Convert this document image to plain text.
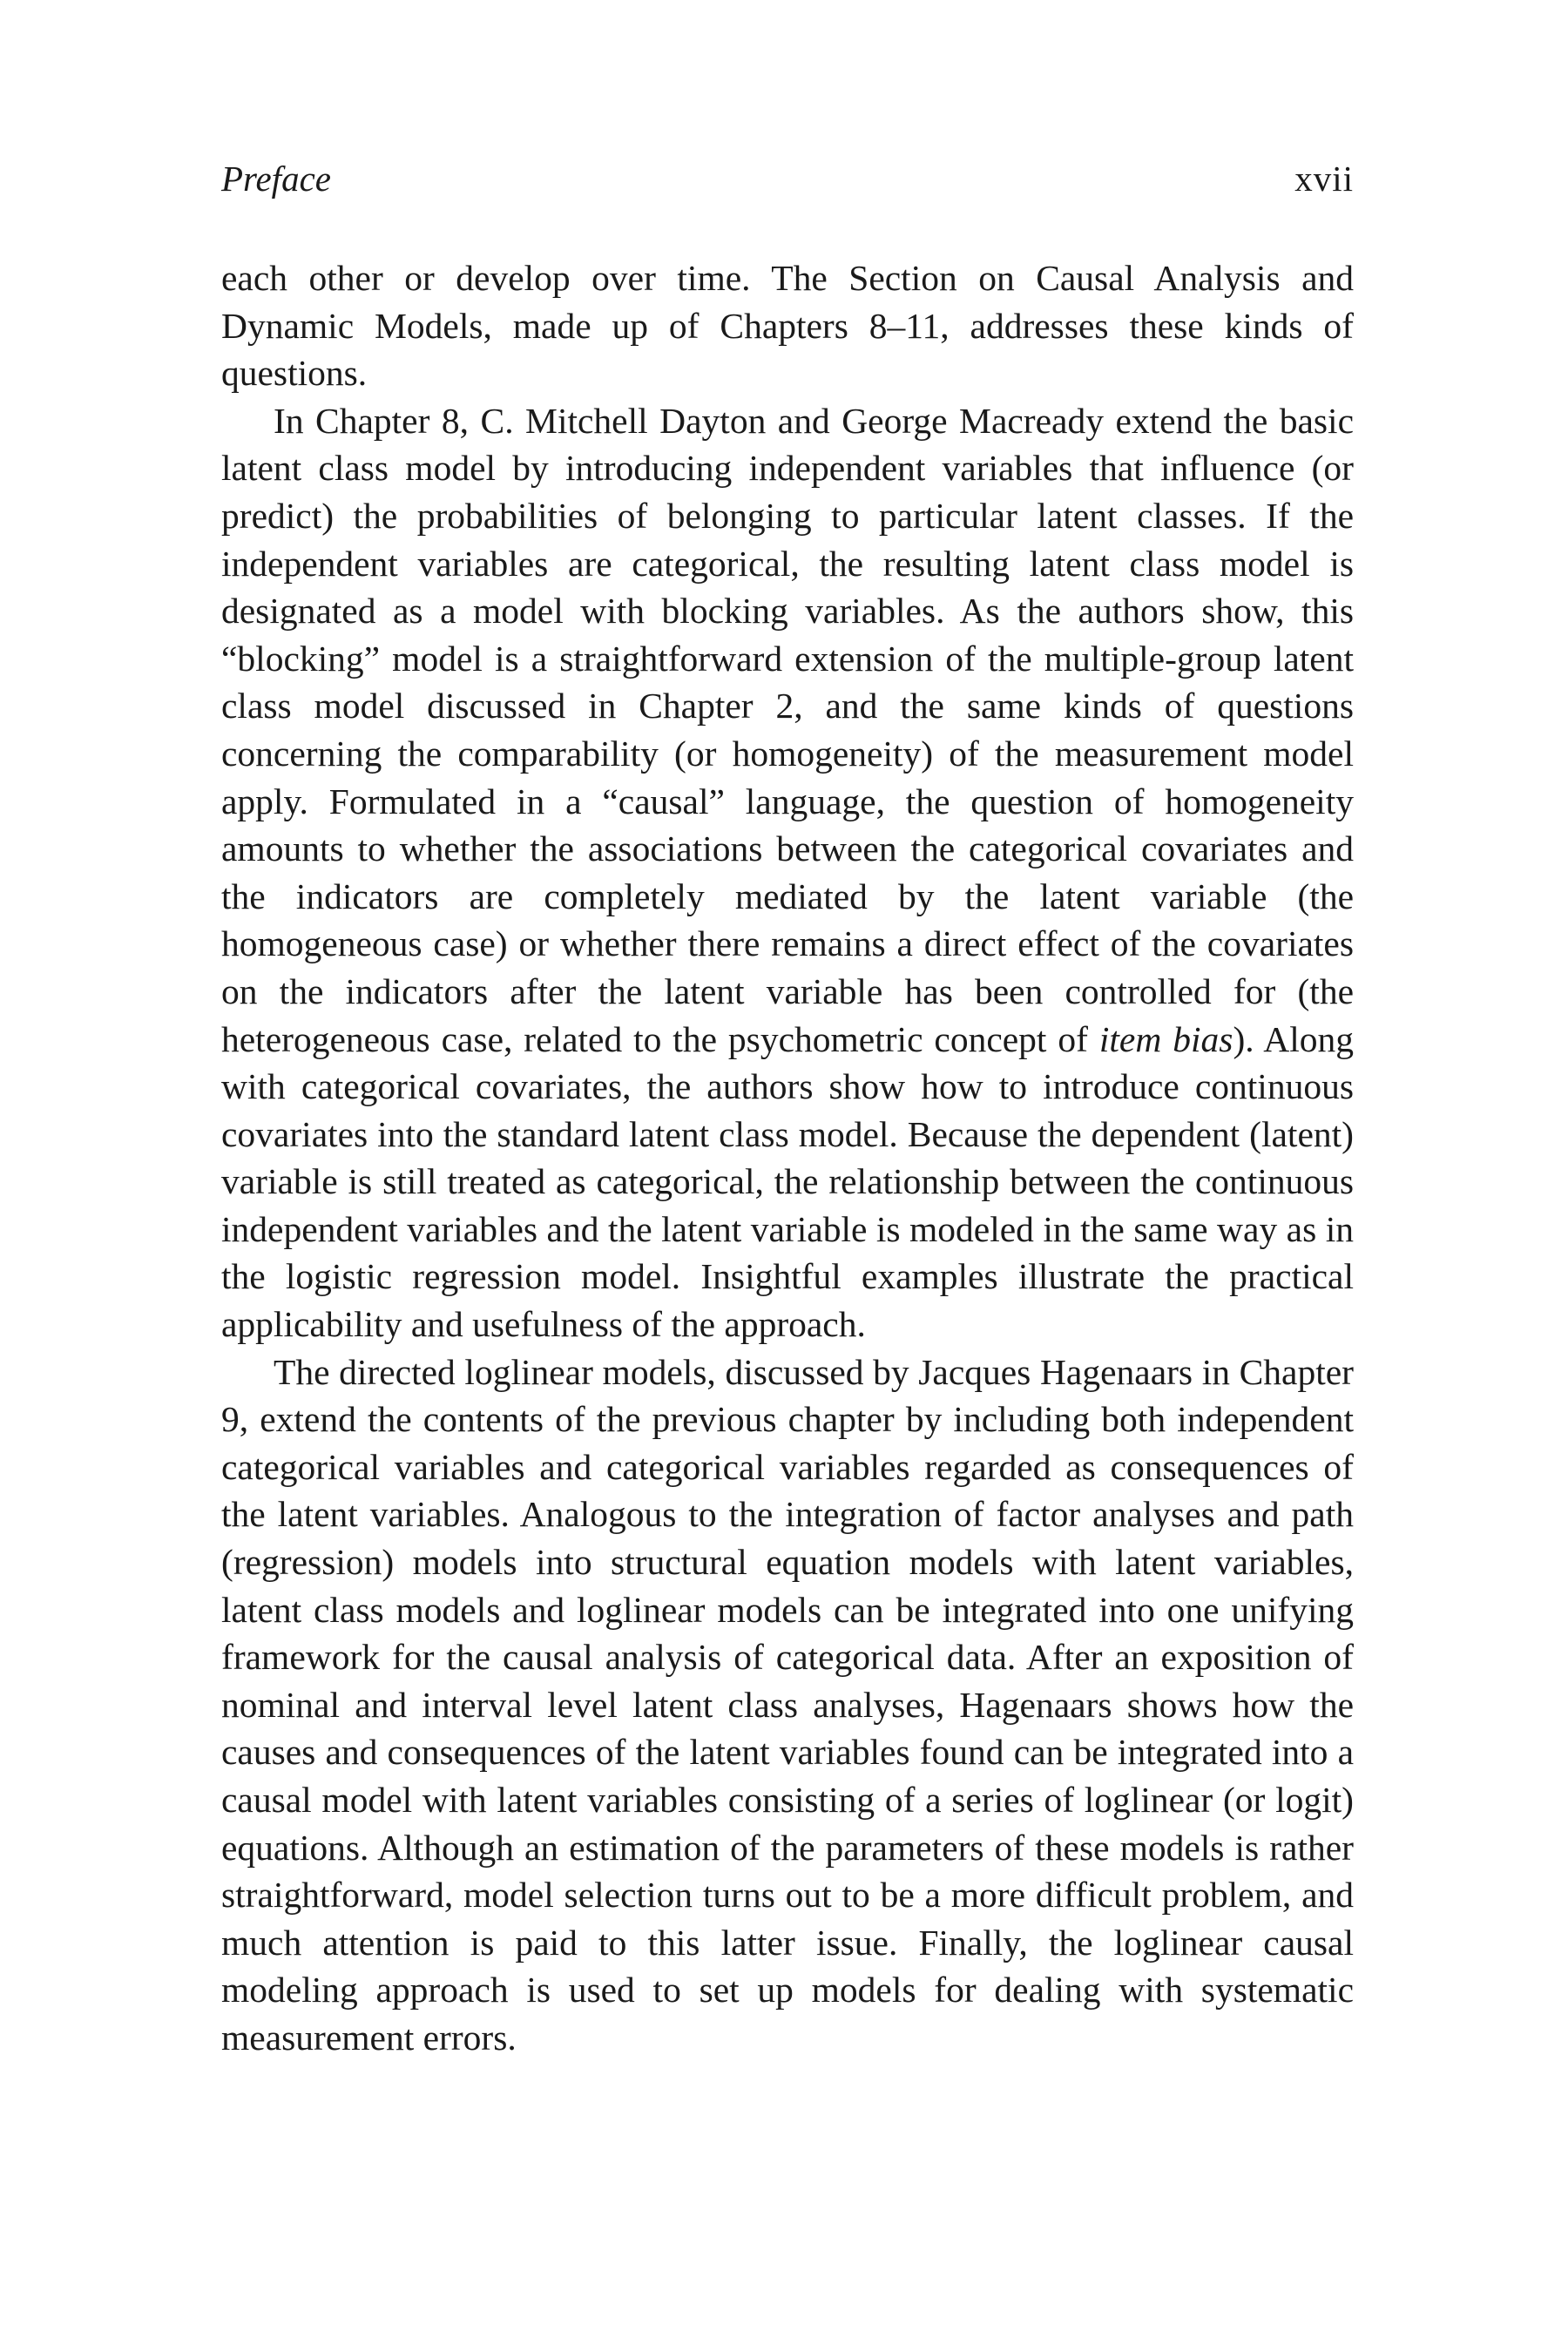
Preface	xvii

each other or develop over time. The Section on Causal Analysis and Dynamic Models, made up of Chapters 8–11, addresses these kinds of questions.

In Chapter 8, C. Mitchell Dayton and George Macready extend the basic latent class model by introducing independent variables that influence (or predict) the probabilities of belonging to particular latent classes. If the independent variables are categorical, the resulting latent class model is designated as a model with blocking variables. As the authors show, this “blocking” model is a straightforward extension of the multiple-group latent class model discussed in Chapter 2, and the same kinds of questions concerning the comparability (or homogeneity) of the measurement model apply. Formulated in a “causal” language, the question of homogeneity amounts to whether the associations between the categorical covariates and the indicators are completely mediated by the latent variable (the homogeneous case) or whether there remains a direct effect of the covariates on the indicators after the latent variable has been controlled for (the heterogeneous case, related to the psychometric concept of item bias). Along with categorical covariates, the authors show how to introduce continuous covariates into the standard latent class model. Because the dependent (latent) variable is still treated as categorical, the relationship between the continuous independent variables and the latent variable is modeled in the same way as in the logistic regression model. Insightful examples illustrate the practical applicability and usefulness of the approach.

The directed loglinear models, discussed by Jacques Hagenaars in Chapter 9, extend the contents of the previous chapter by including both independent categorical variables and categorical variables regarded as consequences of the latent variables. Analogous to the integration of factor analyses and path (regression) models into structural equation models with latent variables, latent class models and loglinear models can be integrated into one unifying framework for the causal analysis of categorical data. After an exposition of nominal and interval level latent class analyses, Hagenaars shows how the causes and consequences of the latent variables found can be integrated into a causal model with latent variables consisting of a series of loglinear (or logit) equations. Although an estimation of the parameters of these models is rather straightforward, model selection turns out to be a more difficult problem, and much attention is paid to this latter issue. Finally, the loglinear causal modeling approach is used to set up models for dealing with systematic measurement errors.
